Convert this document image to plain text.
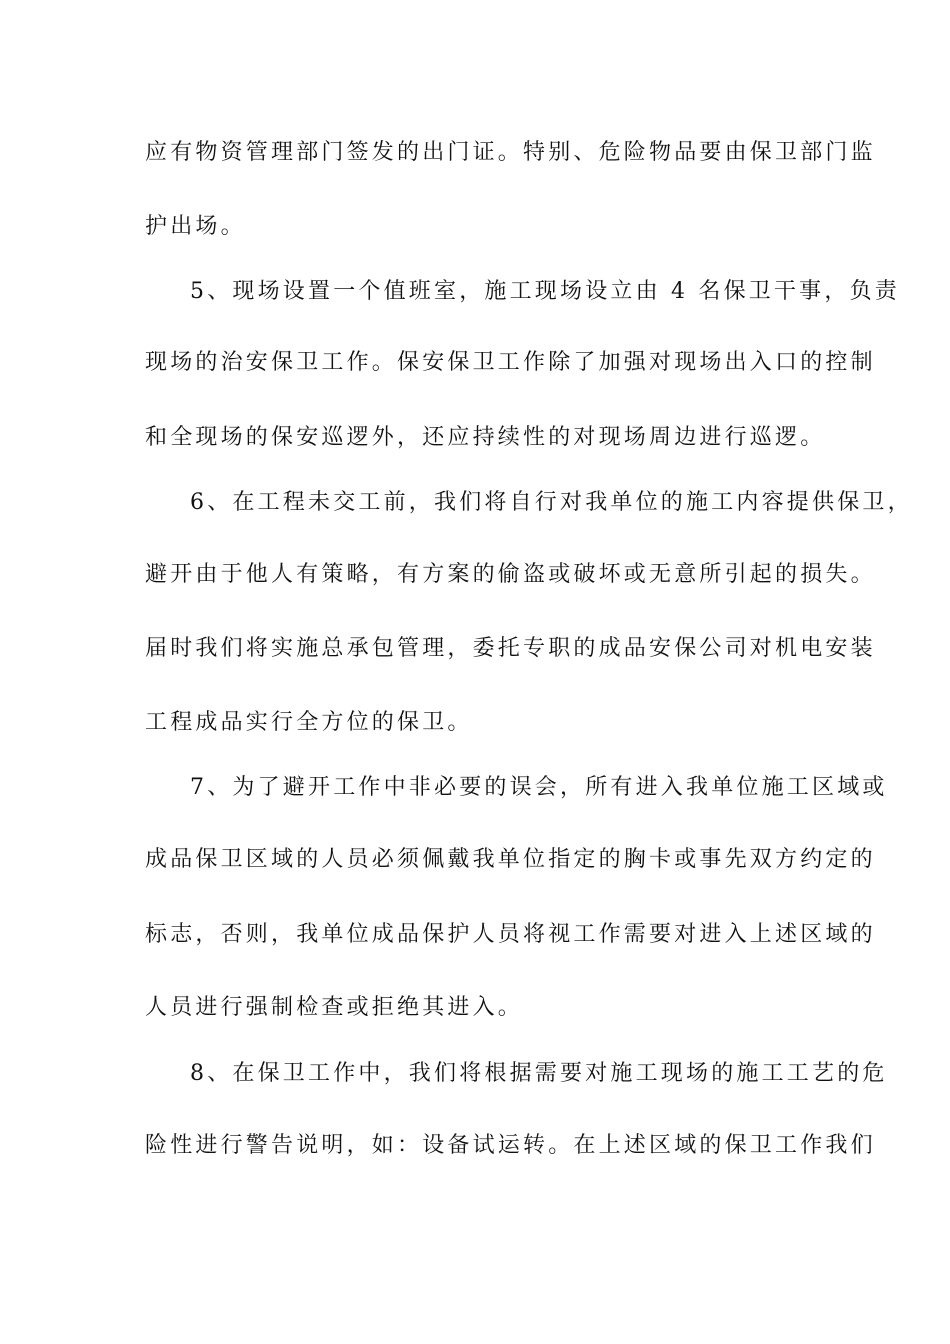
应有物资管理部门签发的出门证。特别、危险物品要由保卫部门监
护出场。
5、现场设置一个值班室，施工现场设立由 4 名保卫干事，负责
现场的治安保卫工作。保安保卫工作除了加强对现场出入口的控制
和全现场的保安巡逻外，还应持续性的对现场周边进行巡逻。
6、在工程未交工前，我们将自行对我单位的施工内容提供保卫，
避开由于他人有策略，有方案的偷盗或破坏或无意所引起的损失。
届时我们将实施总承包管理，委托专职的成品安保公司对机电安装
工程成品实行全方位的保卫。
7、为了避开工作中非必要的误会，所有进入我单位施工区域或
成品保卫区域的人员必须佩戴我单位指定的胸卡或事先双方约定的
标志，否则，我单位成品保护人员将视工作需要对进入上述区域的
人员进行强制检查或拒绝其进入。
8、在保卫工作中，我们将根据需要对施工现场的施工工艺的危
险性进行警告说明，如：设备试运转。在上述区域的保卫工作我们
